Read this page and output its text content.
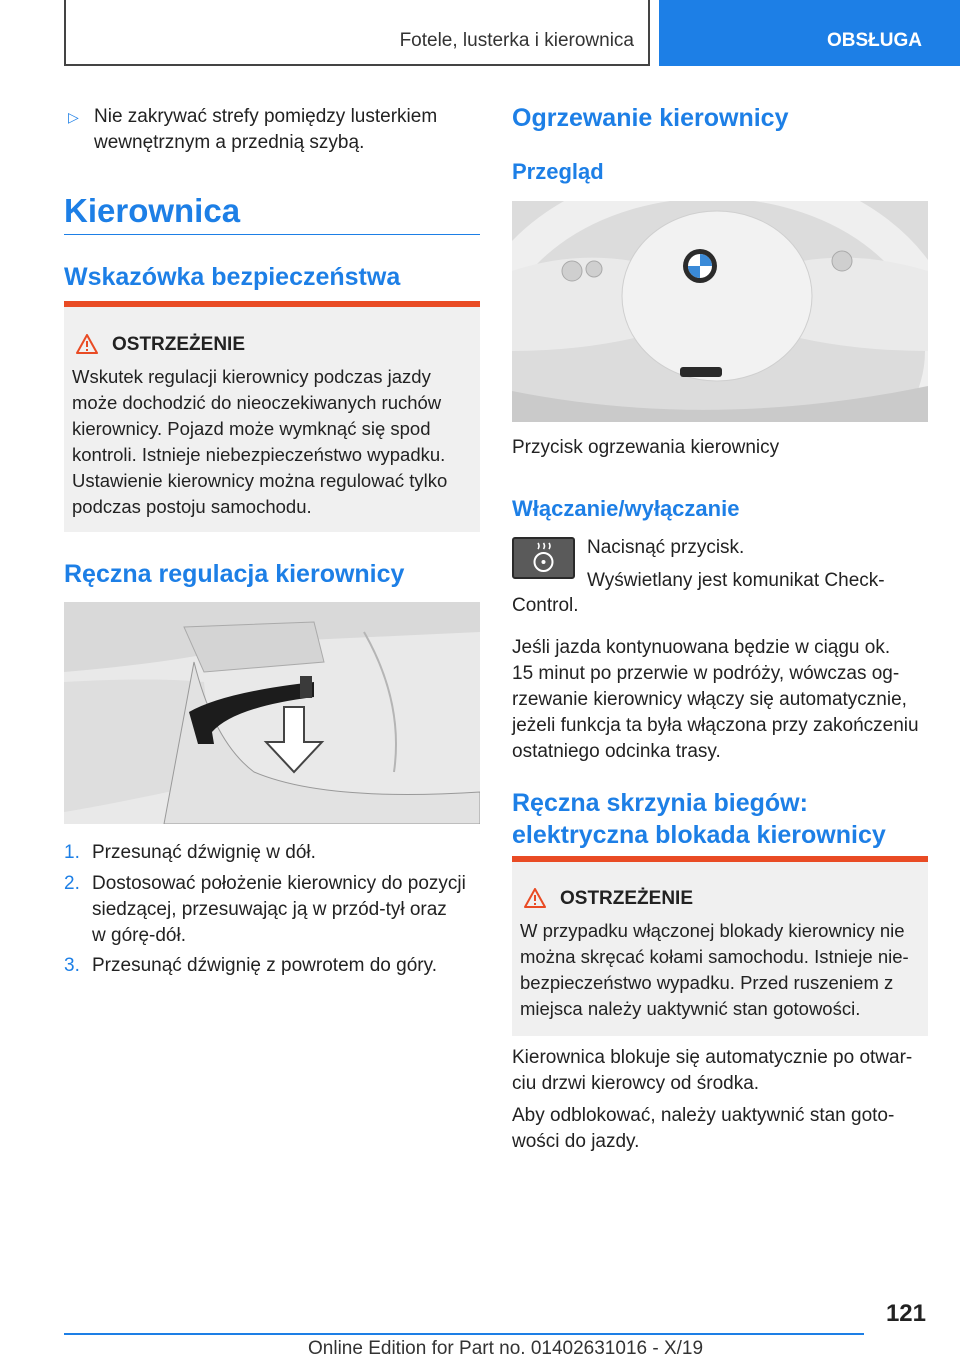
Fotele, lusterka i kierownica	OBSŁUGA
▷ Nie zakrywać strefy pomiędzy lusterkiem wewnętrznym a przednią szybą.
Kierownica
Wskazówka bezpieczeństwa
OSTRZEŻENIE
Wskutek regulacji kierownicy podczas jazdy
może dochodzić do nieoczekiwanych ruchów
kierownicy. Pojazd może wymknąć się spod
kontroli. Istnieje niebezpieczeństwo wypadku.
Ustawienie kierownicy można regulować tylko
podczas postoju samochodu.
Ręczna regulacja kierownicy
1. Przesunąć dźwignię w dół.
2. Dostosować położenie kierownicy do pozycji
siedzącej, przesuwając ją w przód-tył oraz
w górę-dół.
3. Przesunąć dźwignię z powrotem do góry.
Ogrzewanie kierownicy
Przegląd
Przycisk ogrzewania kierownicy
Włączanie/wyłączanie
Nacisnąć przycisk.
Wyświetlany jest komunikat Check-
Control.
Jeśli jazda kontynuowana będzie w ciągu ok.
15 minut po przerwie w podróży, wówczas og-
rzewanie kierownicy włączy się automatycznie,
jeżeli funkcja ta była włączona przy zakończeniu
ostatniego odcinka trasy.
Ręczna skrzynia biegów:
elektryczna blokada kierownicy
OSTRZEŻENIE
W przypadku włączonej blokady kierownicy nie
można skręcać kołami samochodu. Istnieje nie-
bezpieczeństwo wypadku. Przed ruszeniem z
miejsca należy uaktywnić stan gotowości.
Kierownica blokuje się automatycznie po otwar-
ciu drzwi kierowcy od środka.
Aby odblokować, należy uaktywnić stan goto-
wości do jazdy.
121
Online Edition for Part no. 01402631016 - X/19
